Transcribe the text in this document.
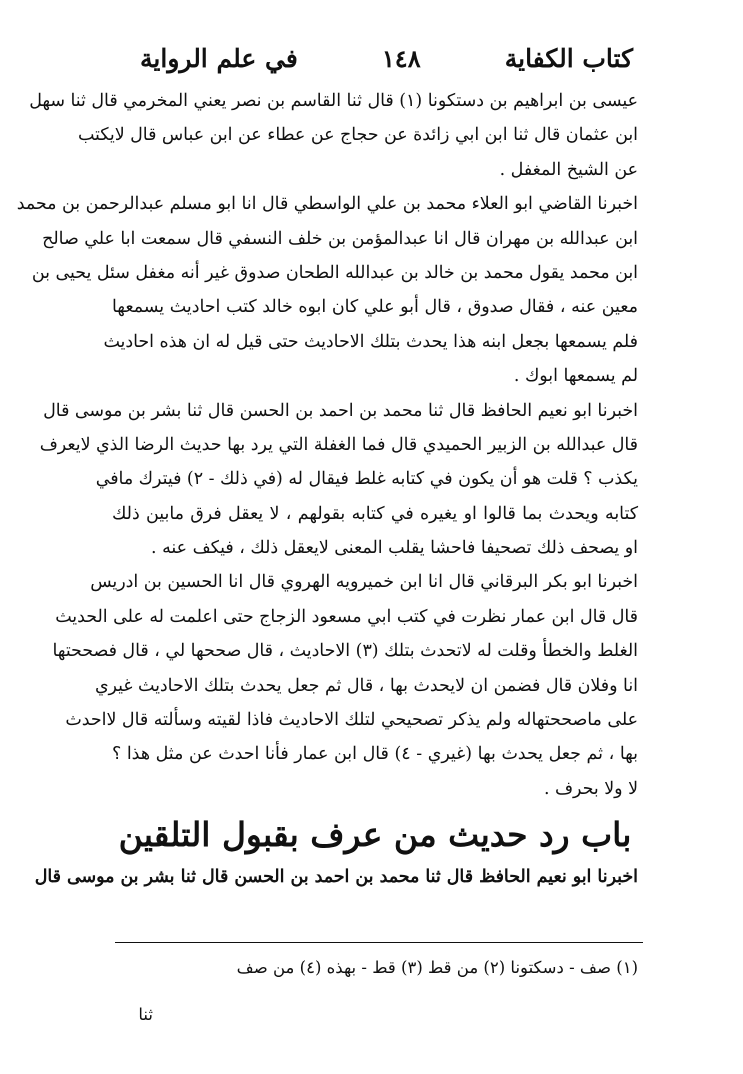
كتاب الكفاية
١٤٨
في علم الرواية
عيسى بن ابراهيم بن دستكونا (١) قال ثنا القاسم بن نصر يعني المخرمي قال ثنا سهل
ابن عثمان قال ثنا ابن ابي زائدة عن حجاج عن عطاء عن ابن عباس قال لايكتب
عن الشيخ المغفل .
اخبرنا القاضي ابو العلاء محمد بن علي الواسطي قال انا ابو مسلم عبدالرحمن بن محمد
ابن عبدالله بن مهران قال انا عبدالمؤمن بن خلف النسفي قال سمعت ابا علي صالح
ابن محمد يقول محمد بن خالد بن عبدالله الطحان صدوق غير أنه مغفل سئل يحيى بن
معين عنه ، فقال صدوق ، قال أبو علي كان ابوه خالد كتب احاديث يسمعها
فلم يسمعها بجعل ابنه هذا يحدث بتلك الاحاديث حتى قيل له ان هذه احاديث
لم يسمعها ابوك .
اخبرنا ابو نعيم الحافظ قال ثنا محمد بن احمد بن الحسن قال ثنا بشر بن موسى قال
قال عبدالله بن الزبير الحميدي قال فما الغفلة التي يرد بها حديث الرضا الذي لايعرف
يكذب ؟ قلت هو أن يكون في كتابه غلط فيقال له (في ذلك - ٢) فيترك مافي
كتابه ويحدث بما قالوا او يغيره في كتابه بقولهم ، لا يعقل فرق مابين ذلك
او يصحف ذلك تصحيفا فاحشا يقلب المعنى لايعقل ذلك ، فيكف عنه .
اخبرنا ابو بكر البرقاني قال انا ابن خميرويه الهروي قال انا الحسين بن ادريس
قال قال ابن عمار نظرت في كتب ابي مسعود الزجاج حتى اعلمت له على الحديث
الغلط والخطأ وقلت له لاتحدث بتلك (٣) الاحاديث ، قال صححها لي ، قال فصححتها
انا وفلان قال فضمن ان لايحدث بها ، قال ثم جعل يحدث بتلك الاحاديث غيري
على ماصححتهاله ولم يذكر تصحيحي لتلك الاحاديث فاذا لقيته وسألته قال لااحدث
بها ، ثم جعل يحدث بها (غيري - ٤) قال ابن عمار فأنا احدث عن مثل هذا ؟
لا ولا بحرف .
باب رد حديث من عرف بقبول التلقين
اخبرنا ابو نعيم الحافظ قال ثنا محمد بن احمد بن الحسن قال ثنا بشر بن موسى قال
(١) صف - دسكتونا (٢) من قط (٣) قط - بهذه (٤) من صف
ثنا
